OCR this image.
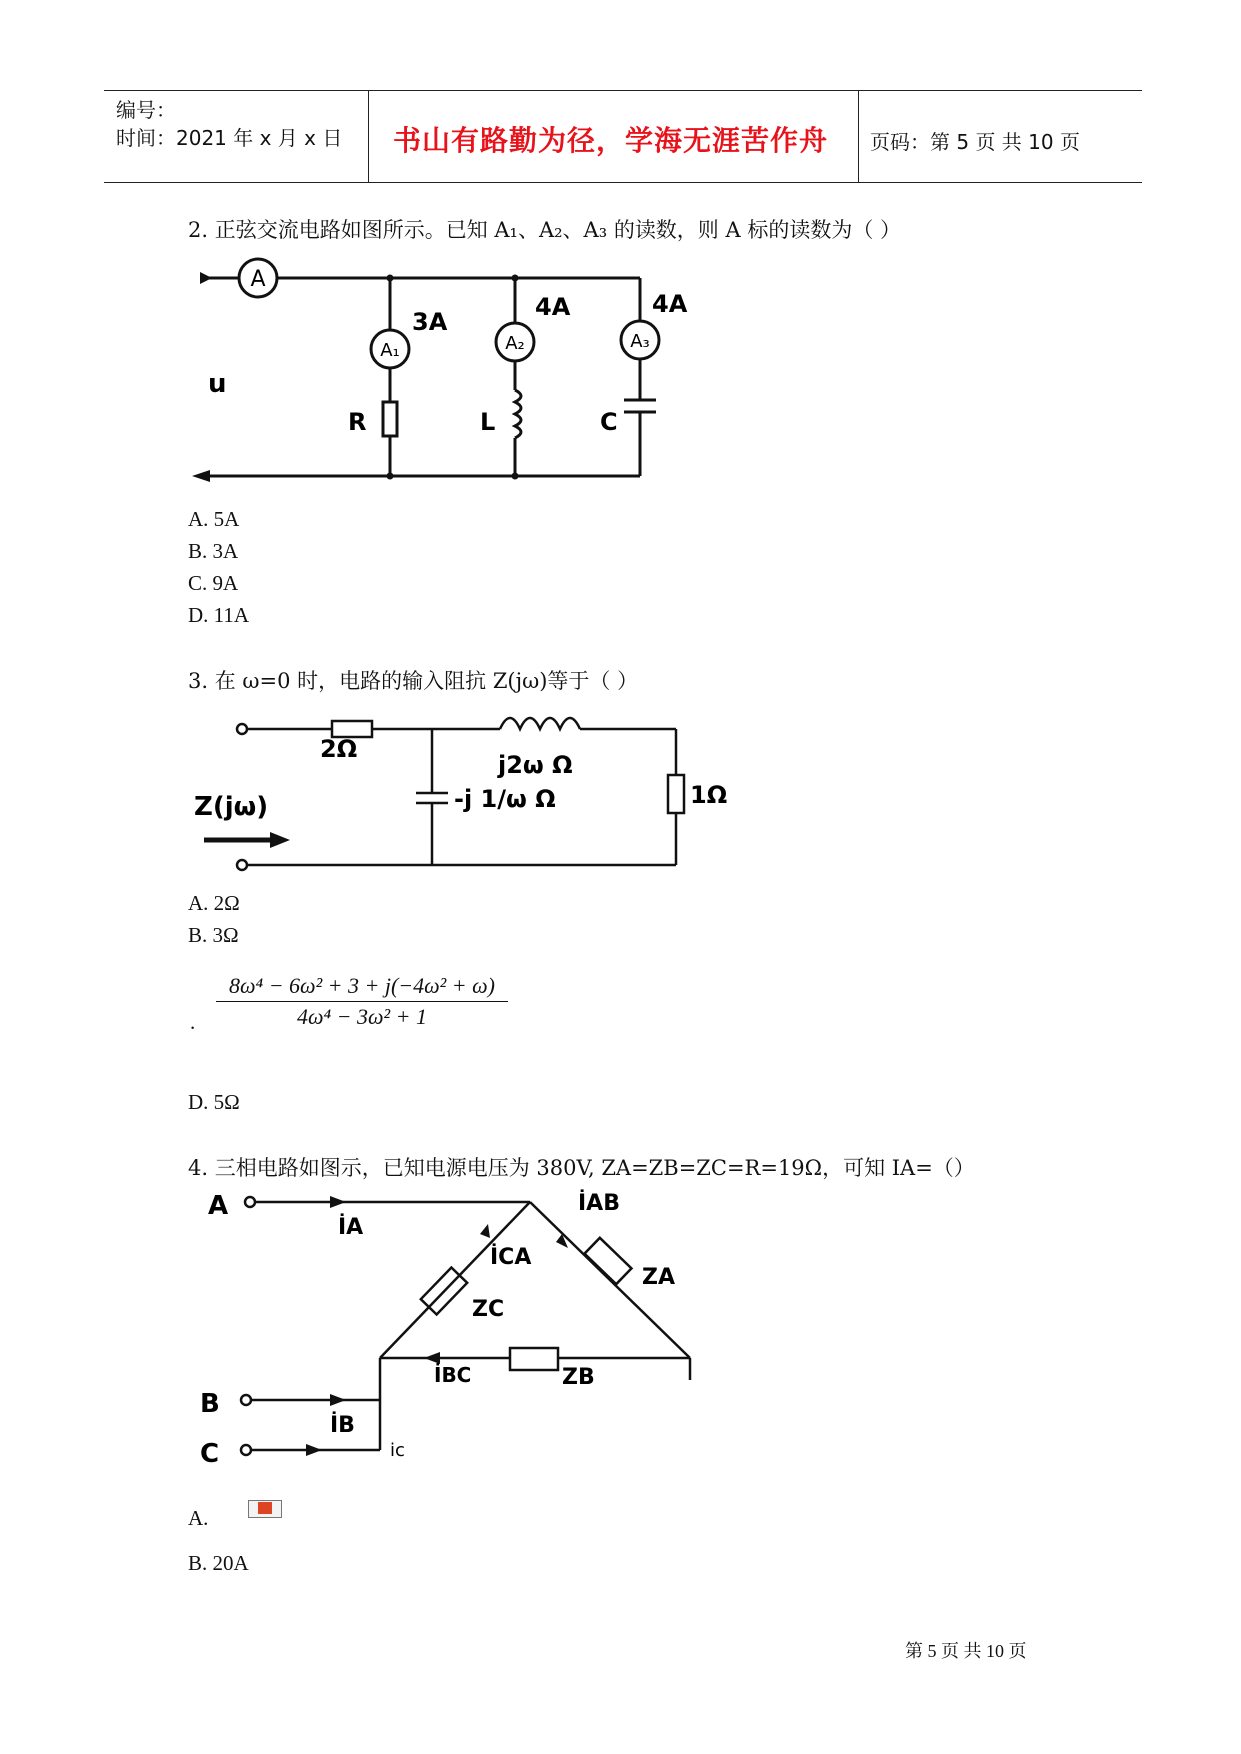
编号：
时间：2021 年 x 月 x 日 书山有路勤为径，学海无涯苦作舟 页码：第 5 页 共 10 页
2. 正弦交流电路如图所示。已知 A₁、A₂、A₃ 的读数，则 A 标的读数为（ ）
A
A₁	A₂	A₃
3A
4A	4A
u
R	L	C
A. 5A
B. 3A
C. 9A
D. 11A
3. 在 ω=0 时，电路的输入阻抗 Z(jω)等于（ ）
2Ω
j2ω Ω
-j 1/ω Ω	1Ω
Z(jω)
A. 2Ω
B. 3Ω
.
8ω⁴ − 6ω² + 3 + j(−4ω² + ω)
4ω⁴ − 3ω² + 1
D. 5Ω
4. 三相电路如图示，已知电源电压为 380V, ZA=ZB=ZC=R=19Ω，可知 IA=（）
A
B
C
İA
İAB
İCA
İBC
İB
ic
ZA
ZC
ZB
A.
B. 20A
第 5 页 共 10 页
